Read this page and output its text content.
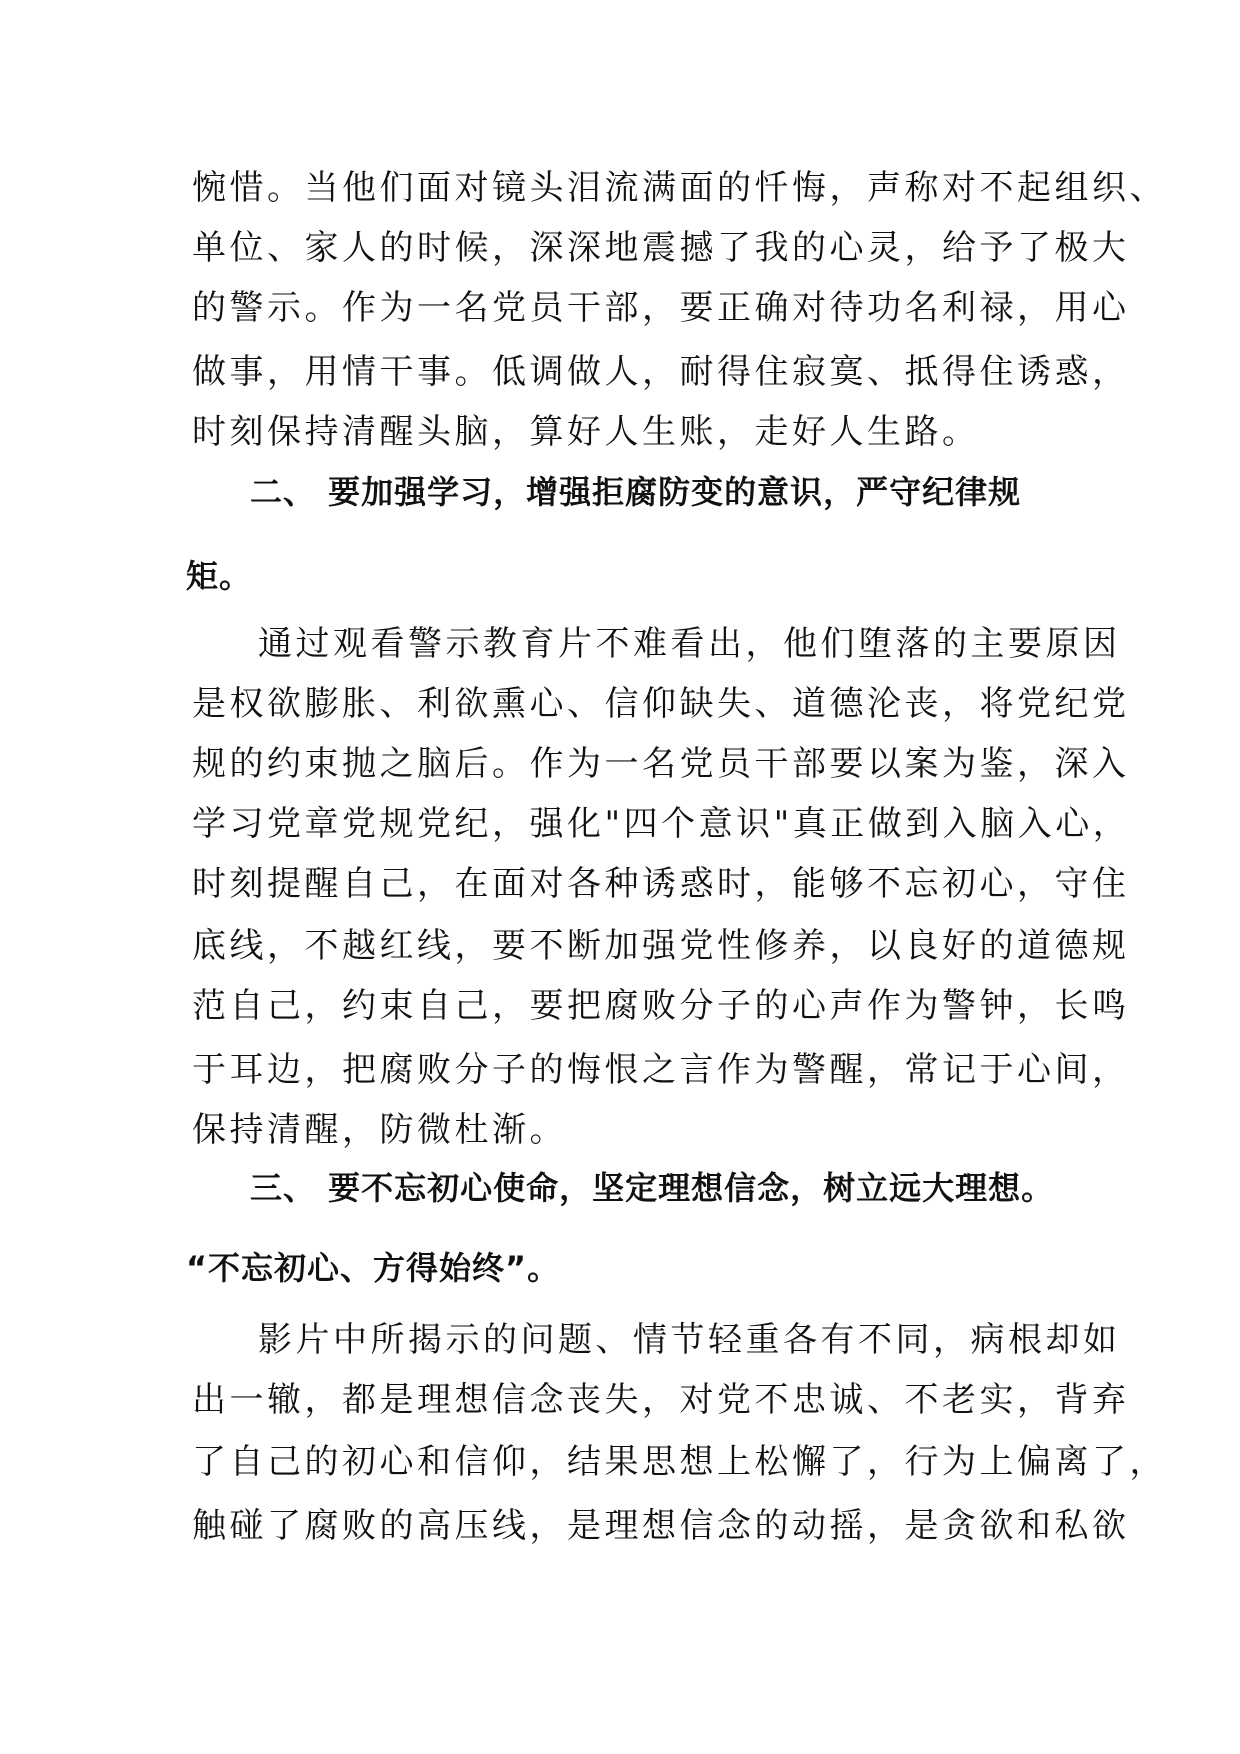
惋惜。当他们面对镜头泪流满面的忏悔，声称对不起组织、
单位、家人的时候，深深地震撼了我的心灵，给予了极大
的警示。作为一名党员干部，要正确对待功名利禄，用心
做事，用情干事。低调做人，耐得住寂寞、抵得住诱惑，
时刻保持清醒头脑，算好人生账，走好人生路。
二、 要加强学习，增强拒腐防变的意识，严守纪律规
矩。
通过观看警示教育片不难看出，他们堕落的主要原因
是权欲膨胀、利欲熏心、信仰缺失、道德沦丧，将党纪党
规的约束抛之脑后。作为一名党员干部要以案为鉴，深入
学习党章党规党纪，强化"四个意识"真正做到入脑入心，
时刻提醒自己，在面对各种诱惑时，能够不忘初心，守住
底线，不越红线，要不断加强党性修养，以良好的道德规
范自己，约束自己，要把腐败分子的心声作为警钟，长鸣
于耳边，把腐败分子的悔恨之言作为警醒，常记于心间，
保持清醒，防微杜渐。
三、 要不忘初心使命，坚定理想信念，树立远大理想。
“不忘初心、方得始终”。
影片中所揭示的问题、情节轻重各有不同，病根却如
出一辙，都是理想信念丧失，对党不忠诚、不老实，背弃
了自己的初心和信仰，结果思想上松懈了，行为上偏离了，
触碰了腐败的高压线，是理想信念的动摇，是贪欲和私欲
